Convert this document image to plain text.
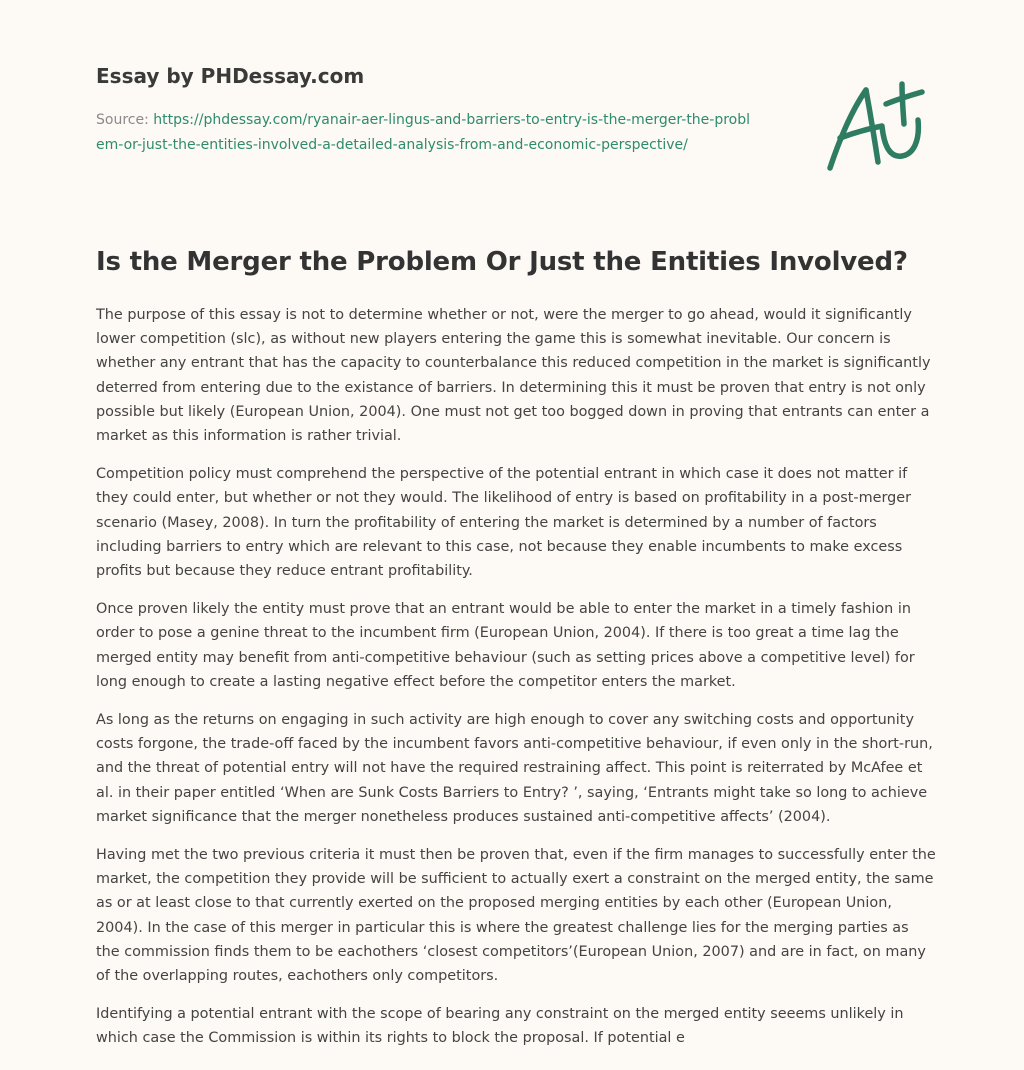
Essay by PHDessay.com
Source: https://phdessay.com/ryanair-aer-lingus-and-barriers-to-entry-is-the-merger-the-problem-or-just-the-entities-involved-a-detailed-analysis-from-and-economic-perspective/
Is the Merger the Problem Or Just the Entities Involved?

The purpose of this essay is not to determine whether or not, were the merger to go ahead, would it significantly lower competition (slc), as without new players entering the game this is somewhat inevitable. Our concern is whether any entrant that has the capacity to counterbalance this reduced competition in the market is significantly deterred from entering due to the existance of barriers. In determining this it must be proven that entry is not only possible but likely (European Union, 2004). One must not get too bogged down in proving that entrants can enter a market as this information is rather trivial.

Competition policy must comprehend the perspective of the potential entrant in which case it does not matter if they could enter, but whether or not they would. The likelihood of entry is based on profitability in a post-merger scenario (Masey, 2008). In turn the profitability of entering the market is determined by a number of factors including barriers to entry which are relevant to this case, not because they enable incumbents to make excess profits but because they reduce entrant profitability.

Once proven likely the entity must prove that an entrant would be able to enter the market in a timely fashion in order to pose a genine threat to the incumbent firm (European Union, 2004). If there is too great a time lag the merged entity may benefit from anti-competitive behaviour (such as setting prices above a competitive level) for long enough to create a lasting negative effect before the competitor enters the market.

As long as the returns on engaging in such activity are high enough to cover any switching costs and opportunity costs forgone, the trade-off faced by the incumbent favors anti-competitive behaviour, if even only in the short-run, and the threat of potential entry will not have the required restraining affect. This point is reiterrated by McAfee et al. in their paper entitled ‘When are Sunk Costs Barriers to Entry? ’, saying, ‘Entrants might take so long to achieve market significance that the merger nonetheless produces sustained anti-competitive affects’ (2004).

Having met the two previous criteria it must then be proven that, even if the firm manages to successfully enter the market, the competition they provide will be sufficient to actually exert a constraint on the merged entity, the same as or at least close to that currently exerted on the proposed merging entities by each other (European Union, 2004). In the case of this merger in particular this is where the greatest challenge lies for the merging parties as the commission finds them to be eachothers ‘closest competitors’(European Union, 2007) and are in fact, on many of the overlapping routes, eachothers only competitors.

Identifying a potential entrant with the scope of bearing any constraint on the merged entity seeems unlikely in which case the Commission is within its rights to block the proposal. If potential e
